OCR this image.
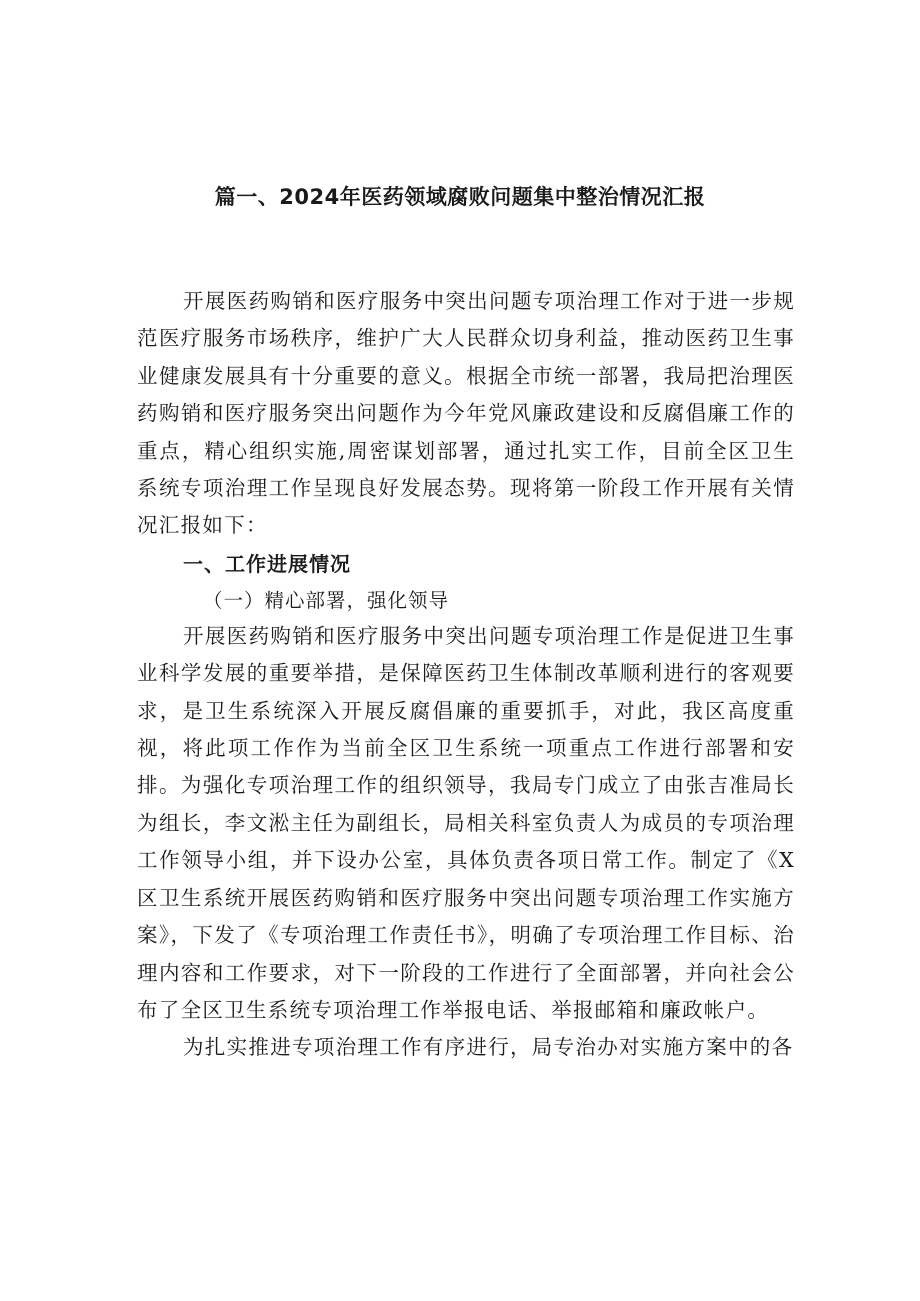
篇一、2024年医药领域腐败问题集中整治情况汇报

开展医药购销和医疗服务中突出问题专项治理工作对于进一步规范医疗服务市场秩序，维护广大人民群众切身利益，推动医药卫生事业健康发展具有十分重要的意义。根据全市统一部署，我局把治理医药购销和医疗服务突出问题作为今年党风廉政建设和反腐倡廉工作的重点，精心组织实施,周密谋划部署，通过扎实工作，目前全区卫生系统专项治理工作呈现良好发展态势。现将第一阶段工作开展有关情况汇报如下：

一、工作进展情况

（一）精心部署，强化领导

开展医药购销和医疗服务中突出问题专项治理工作是促进卫生事业科学发展的重要举措，是保障医药卫生体制改革顺利进行的客观要求，是卫生系统深入开展反腐倡廉的重要抓手，对此，我区高度重视，将此项工作作为当前全区卫生系统一项重点工作进行部署和安排。为强化专项治理工作的组织领导，我局专门成立了由张吉准局长为组长，李文淞主任为副组长，局相关科室负责人为成员的专项治理工作领导小组，并下设办公室，具体负责各项日常工作。制定了《X区卫生系统开展医药购销和医疗服务中突出问题专项治理工作实施方案》，下发了《专项治理工作责任书》，明确了专项治理工作目标、治理内容和工作要求，对下一阶段的工作进行了全面部署，并向社会公布了全区卫生系统专项治理工作举报电话、举报邮箱和廉政帐户。

为扎实推进专项治理工作有序进行，局专治办对实施方案中的各
